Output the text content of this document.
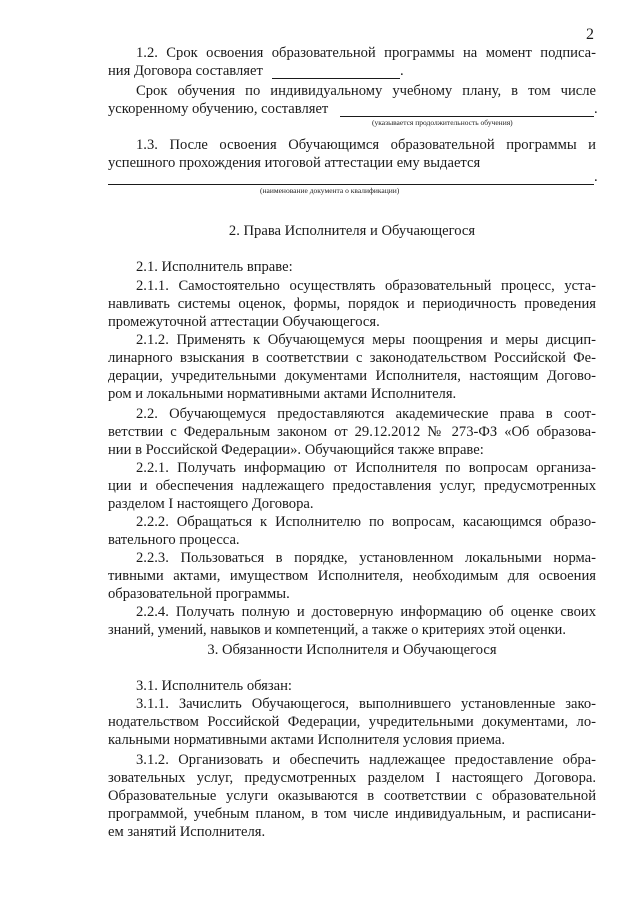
2
1.2. Срок освоения образовательной программы на момент подписа-
ния Договора составляет	.
Срок обучения по индивидуальному учебному плану, в том числе
ускоренному обучению, составляет	.
(указывается продолжительность обучения)
1.3. После освоения Обучающимся образовательной программы и
успешного прохождения итоговой аттестации ему выдается
.
(наименование документа о квалификации)
2. Права Исполнителя и Обучающегося
2.1. Исполнитель вправе:
2.1.1. Самостоятельно осуществлять образовательный процесс, уста-
навливать системы оценок, формы, порядок и периодичность проведения
промежуточной аттестации Обучающегося.
2.1.2. Применять к Обучающемуся меры поощрения и меры дисцип-
линарного взыскания в соответствии с законодательством Российской Фе-
дерации, учредительными документами Исполнителя, настоящим Догово-
ром и локальными нормативными актами Исполнителя.
2.2. Обучающемуся предоставляются академические права в соот-
ветствии с Федеральным законом от 29.12.2012 № 273-ФЗ «Об образова-
нии в Российской Федерации». Обучающийся также вправе:
2.2.1. Получать информацию от Исполнителя по вопросам организа-
ции и обеспечения надлежащего предоставления услуг, предусмотренных
разделом I настоящего Договора.
2.2.2. Обращаться к Исполнителю по вопросам, касающимся образо-
вательного процесса.
2.2.3. Пользоваться в порядке, установленном локальными норма-
тивными актами, имуществом Исполнителя, необходимым для освоения
образовательной программы.
2.2.4. Получать полную и достоверную информацию об оценке своих
знаний, умений, навыков и компетенций, а также о критериях этой оценки.
3. Обязанности Исполнителя и Обучающегося
3.1. Исполнитель обязан:
3.1.1. Зачислить Обучающегося, выполнившего установленные зако-
нодательством Российской Федерации, учредительными документами, ло-
кальными нормативными актами Исполнителя условия приема.
3.1.2. Организовать и обеспечить надлежащее предоставление обра-
зовательных услуг, предусмотренных разделом I настоящего Договора.
Образовательные услуги оказываются в соответствии с образовательной
программой, учебным планом, в том числе индивидуальным, и расписани-
ем занятий Исполнителя.
